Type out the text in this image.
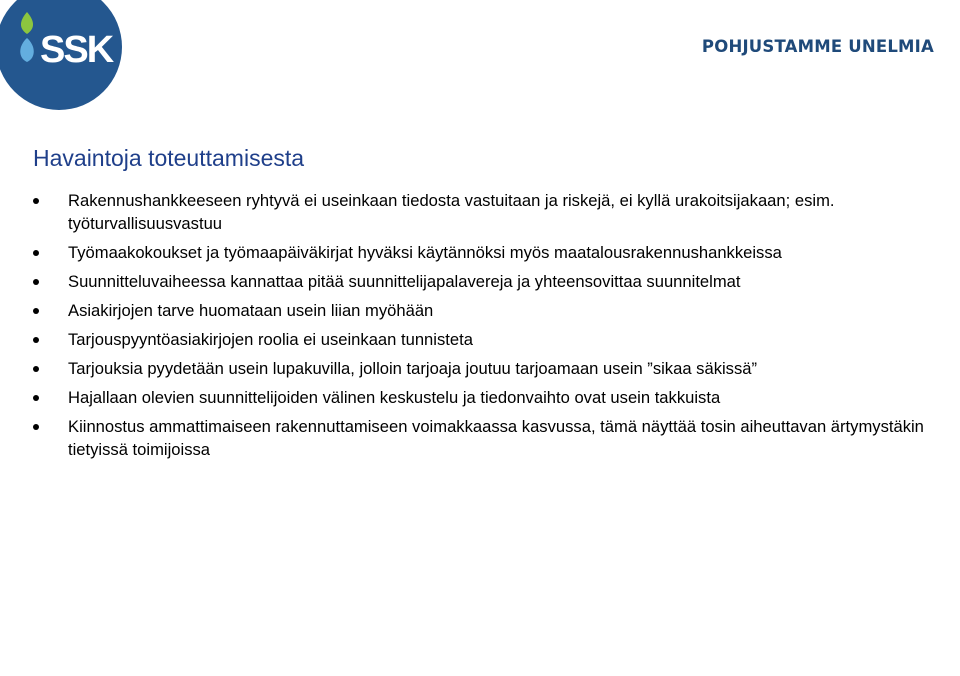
SSK	POHJUSTAMME UNELMIA
Havaintoja toteuttamisesta
Rakennushankkeeseen ryhtyvä ei useinkaan tiedosta vastuitaan ja riskejä, ei kyllä urakoitsijakaan; esim. työturvallisuusvastuu
Työmaakokoukset ja työmaapäiväkirjat hyväksi käytännöksi myös maatalousrakennushankkeissa
Suunnitteluvaiheessa kannattaa pitää suunnittelijapalavereja ja yhteensovittaa suunnitelmat
Asiakirjojen tarve huomataan usein liian myöhään
Tarjouspyyntöasiakirjojen roolia ei useinkaan tunnisteta
Tarjouksia pyydetään usein lupakuvilla, jolloin tarjoaja joutuu tarjoamaan usein ”sikaa säkissä”
Hajallaan olevien suunnittelijoiden välinen keskustelu ja tiedonvaihto ovat usein takkuista
Kiinnostus ammattimaiseen rakennuttamiseen voimakkaassa kasvussa, tämä näyttää tosin aiheuttavan ärtymystäkin tietyissä toimijoissa
